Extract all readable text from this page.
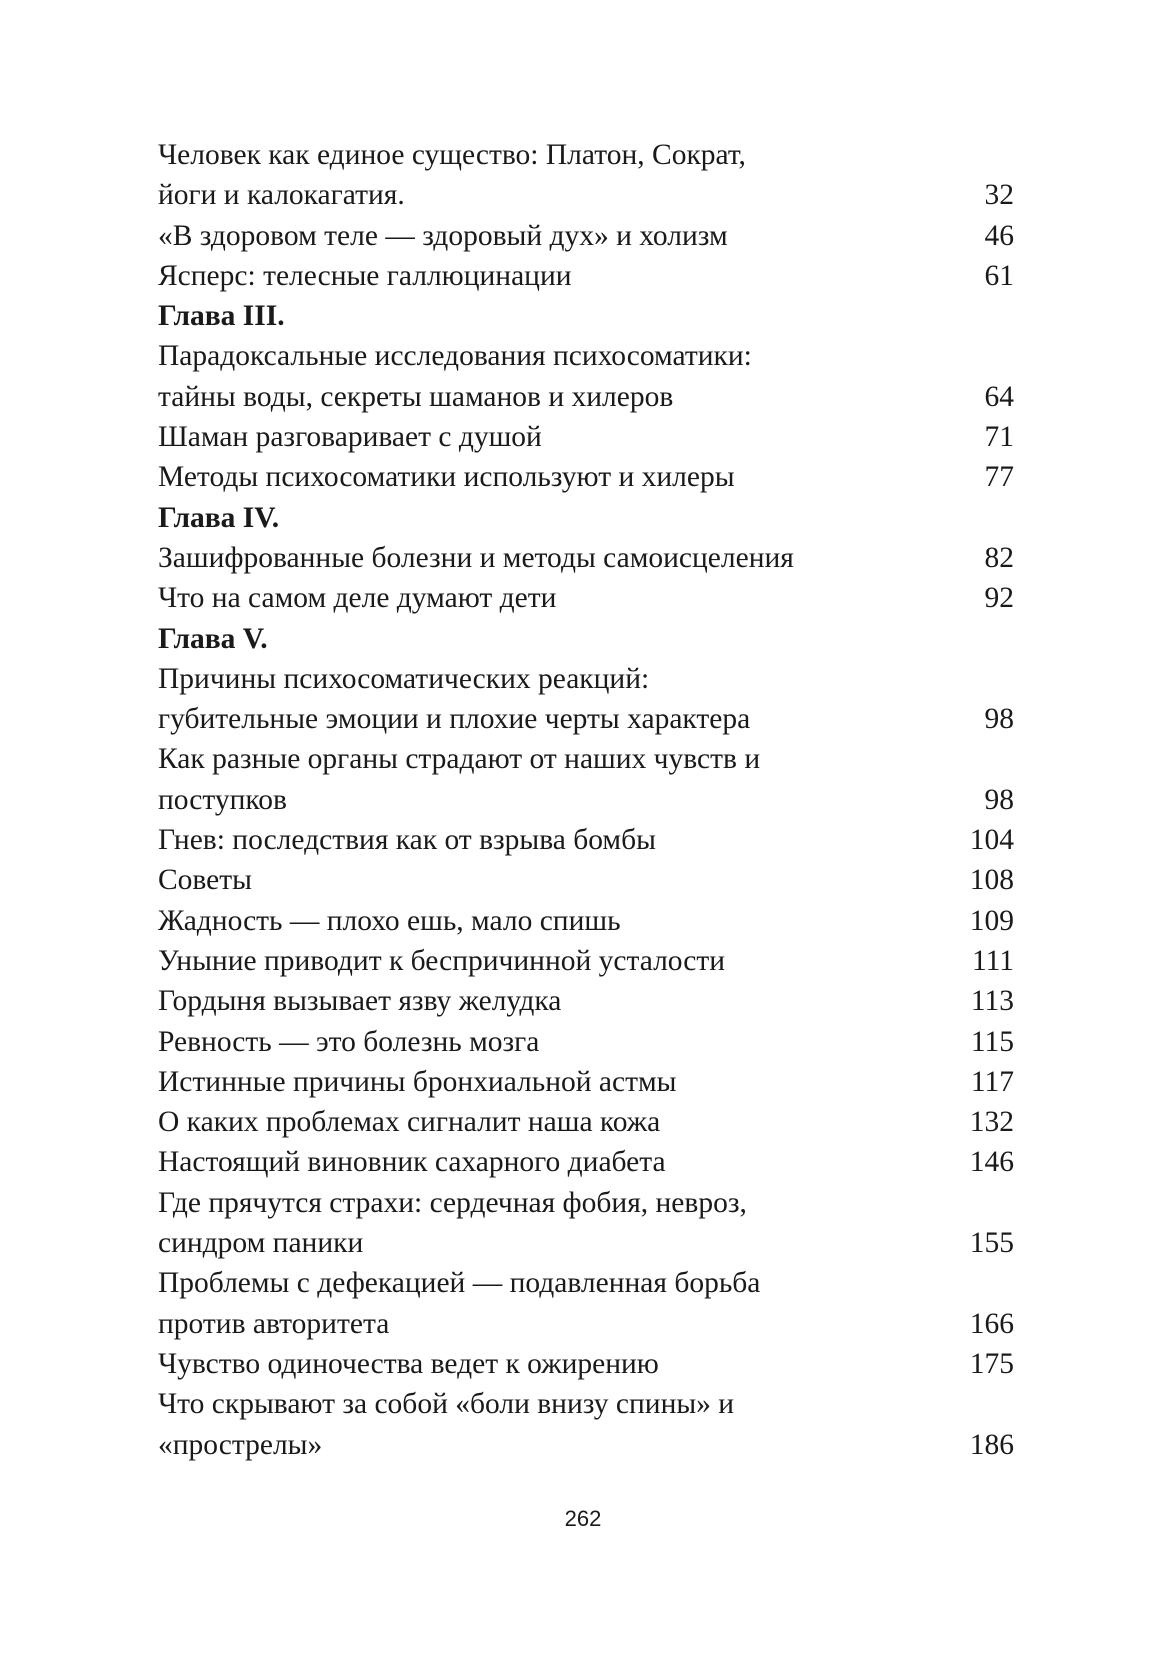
Человек как единое существо: Платон, Сократ,
йоги и калокагатия.	32
«В здоровом теле — здоровый дух» и холизм	46
Ясперс: телесные галлюцинации	61
Глава III.
Парадоксальные исследования психосоматики:
тайны воды, секреты шаманов и хилеров	64
Шаман разговаривает с душой	71
Методы психосоматики используют и хилеры	77
Глава IV.
Зашифрованные болезни и методы самоисцеления	82
Что на самом деле думают дети	92
Глава V.
Причины психосоматических реакций:
губительные эмоции и плохие черты характера	98
Как разные органы страдают от наших чувств и
поступков	98
Гнев: последствия как от взрыва бомбы	104
Советы	108
Жадность — плохо ешь, мало спишь	109
Уныние приводит к беспричинной усталости	111
Гордыня вызывает язву желудка	113
Ревность — это болезнь мозга	115
Истинные причины бронхиальной астмы	117
О каких проблемах сигналит наша кожа	132
Настоящий виновник сахарного диабета	146
Где прячутся страхи: сердечная фобия, невроз,
синдром паники	155
Проблемы с дефекацией — подавленная борьба
против авторитета	166
Чувство одиночества ведет к ожирению	175
Что скрывают за собой «боли внизу спины» и
«прострелы»	186
262
